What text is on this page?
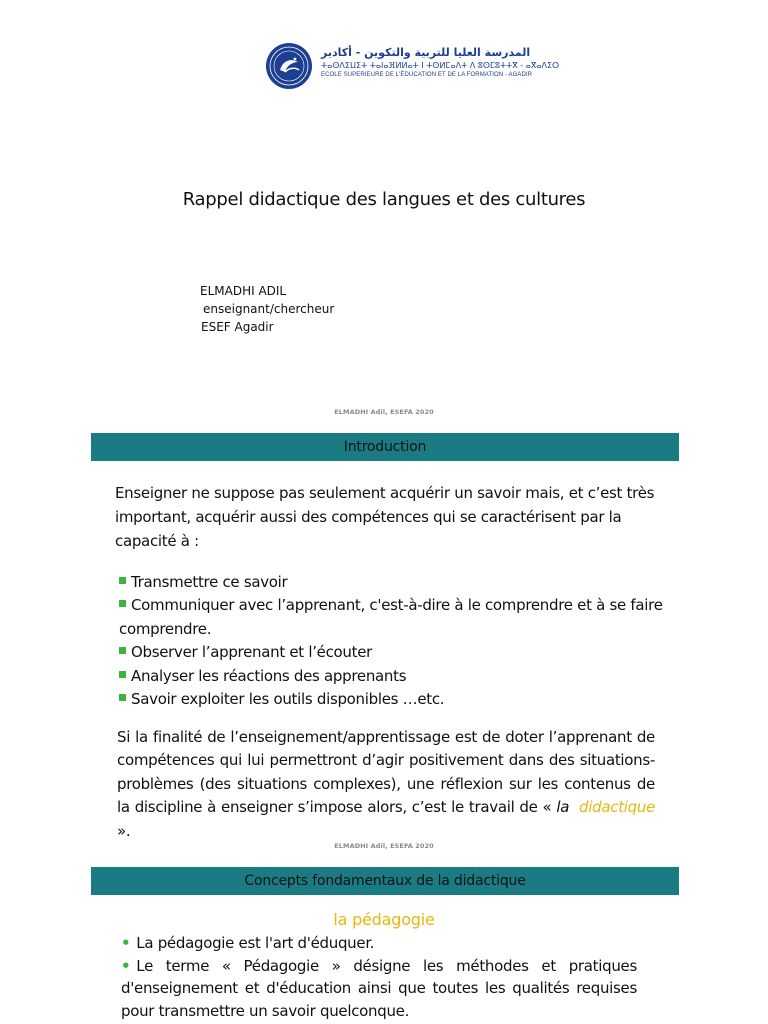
المدرسة العليا للتربية والتكوين - أكادير
ⵜⴰⵙⴷⵉⵡⵉⵜ ⵜⴰⵏⴰⴼⵍⵍⴰⵜ ⵏ ⵜⵙⵍⵎⴰⴷⵜ ⴷ ⵓⵙⵎⵓⵜⵜⴳ - ⴰⴳⴰⴷⵉⵔ
ECOLE SUPERIEURE DE L'ÉDUCATION ET DE LA FORMATION - AGADIR
Rappel didactique des langues et des cultures
ELMADHI ADIL
enseignant/chercheur
ESEF Agadir
ELMADHI Adil, ESEFA 2020
Introduction
Enseigner ne suppose pas seulement acquérir un savoir mais, et c’est très important, acquérir aussi des compétences qui se caractérisent par la capacité à :
Transmettre ce savoir
Communiquer avec l’apprenant, c'est-à-dire à le comprendre et à se faire comprendre.
Observer l’apprenant et l’écouter
Analyser les réactions des apprenants
Savoir exploiter les outils disponibles …etc.
Si la finalité de l’enseignement/apprentissage est de doter l’apprenant de compétences qui lui permettront d’agir positivement dans des situations-problèmes (des situations complexes), une réflexion sur les contenus de la discipline à enseigner s’impose alors, c’est le travail de « la didactique ».
ELMADHI Adil, ESEFA 2020
Concepts fondamentaux de la didactique
la pédagogie
• La pédagogie est l'art d'éduquer.
• Le terme « Pédagogie » désigne les méthodes et pratiques d'enseignement et d'éducation ainsi que toutes les qualités requises pour transmettre un savoir quelconque.
